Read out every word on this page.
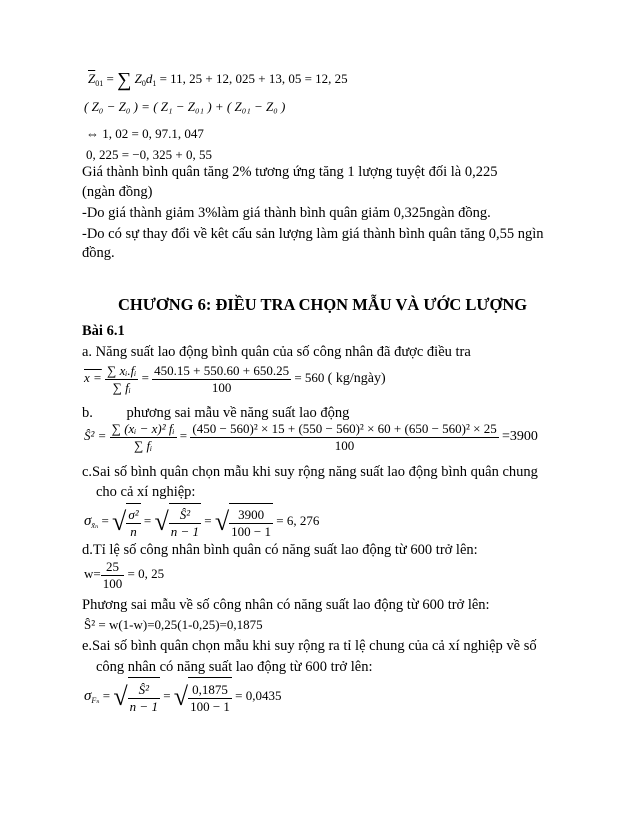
$\overline{Z}_{01}$ = ∑ $Z_0d_1 = 11$, 25 + 12, 025 + 13, 05 = 12, 25
( Z₀ − Z₀ ) = ( Z₁ − Z₀₁ ) + ( Z₀₁ − Z₀ )
⇔ 1, 02 = 0, 97.1, 047
0, 225 = −0, 325 + 0, 55
Giá thành bình quân tăng 2% tương ứng tăng 1 lượng tuyệt đối là 0,225
(ngàn đồng)
-Do giá thành giảm 3%làm giá thành bình quân giảm 0,325ngàn đồng.
-Do có sự thay đổi về kêt cấu sản lượng làm giá thành bình quân tăng 0,55 ngìn
đồng.
CHƯƠNG 6: ĐIỀU TRA CHỌN MẪU VÀ ƯỚC LƯỢNG
Bài 6.1
a. Năng suất lao động bình quân của số công nhân đã được điều tra
$x = \frac{\text{∑ xᵢ.fᵢ}}{\text{∑ fᵢ}} = \frac{450.15 + 550.60 + 650.25}{100} = 560$ ( kg/ngày)
b. phương sai mẫu về năng suất lao động
Ŝ² = $\frac{\text{∑ (xᵢ − x)² fᵢ}}{\text{∑ fᵢ}} = \frac{\text{(450 − 560)² × 15 + (550 − 560)² × 60 + (650 − 560)² × 25}}{100} =3900$
c.Sai số bình quân chọn mẫu khi suy rộng năng suất lao động bình quân chung
cho cả xí nghiệp:
$\sigma_{x̄_n}$ = √ $\frac{\text{σ²}}{n}$ = √ $\frac{\text{Ŝ²}}{n - 1}$ = √ $\frac{3900}{100 - 1} = 6$, 276
d.Tỉ lệ số công nhân bình quân có năng suất lao động từ 600 trở lên:
$w= \frac{25}{100} = 0$, 25
Phương sai mẫu về số công nhân có năng suất lao động từ 600 trở lên:
Ŝ² = w(1-w)=0,25(1-0,25)=0,1875
e.Sai số bình quân chọn mẫu khi suy rộng ra tỉ lệ chung của cả xí nghiệp về số
công nhân có năng suất lao động từ 600 trở lên:
$\sigma_{F_n}$ = √ $\frac{\text{Ŝ²}}{n - 1}$ = √ $\frac{0,1875}{100 - 1} = 0,0435$
